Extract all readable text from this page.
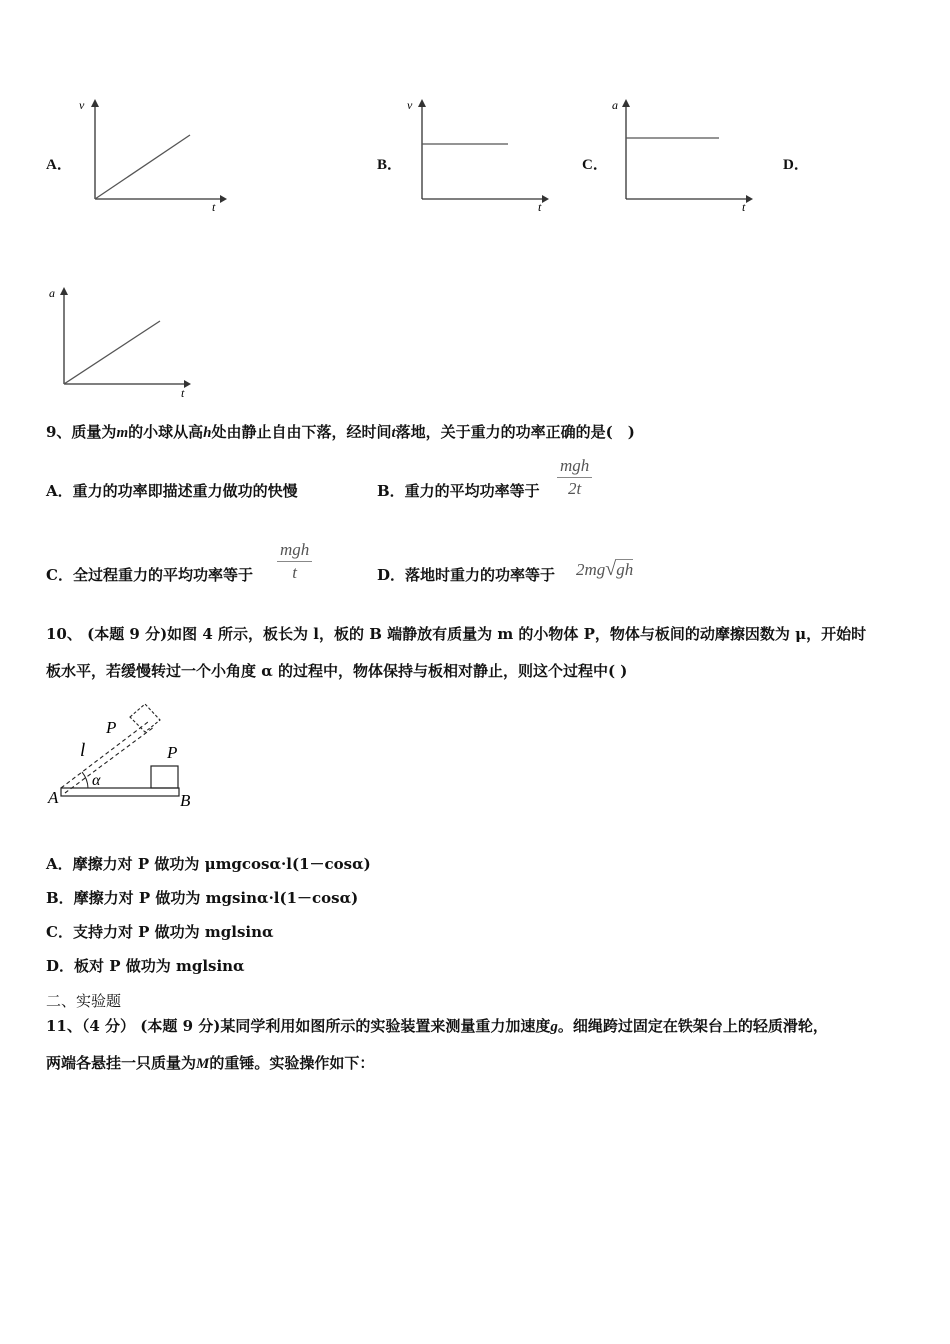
A．
v
t
B．
v
t
C．
a
t
D．
a
t
9、质量为m的小球从高h处由静止自由下落，经时间t落地，关于重力的功率正确的是(　)
A．重力的功率即描述重力做功的快慢	B．重力的平均功率等于
mgh
2t
C．全过程重力的平均功率等于
mgh
t	D．落地时重力的功率等于 2mg√gh
10、 (本题 9 分)如图 4 所示，板长为 l，板的 B 端静放有质量为 m 的小物体 P，物体与板间的动摩擦因数为 μ，开始时
板水平，若缓慢转过一个小角度 α 的过程中，物体保持与板相对静止，则这个过程中( )
P
l
α
P
A	B
A．摩擦力对 P 做功为 μmgcosα·l(1－cosα)
B．摩擦力对 P 做功为 mgsinα·l(1－cosα)
C．支持力对 P 做功为 mglsinα
D．板对 P 做功为 mglsinα
二、实验题
11、（4 分） (本题 9 分)某同学利用如图所示的实验装置来测量重力加速度g。细绳跨过固定在铁架台上的轻质滑轮，
两端各悬挂一只质量为M的重锤。实验操作如下：
